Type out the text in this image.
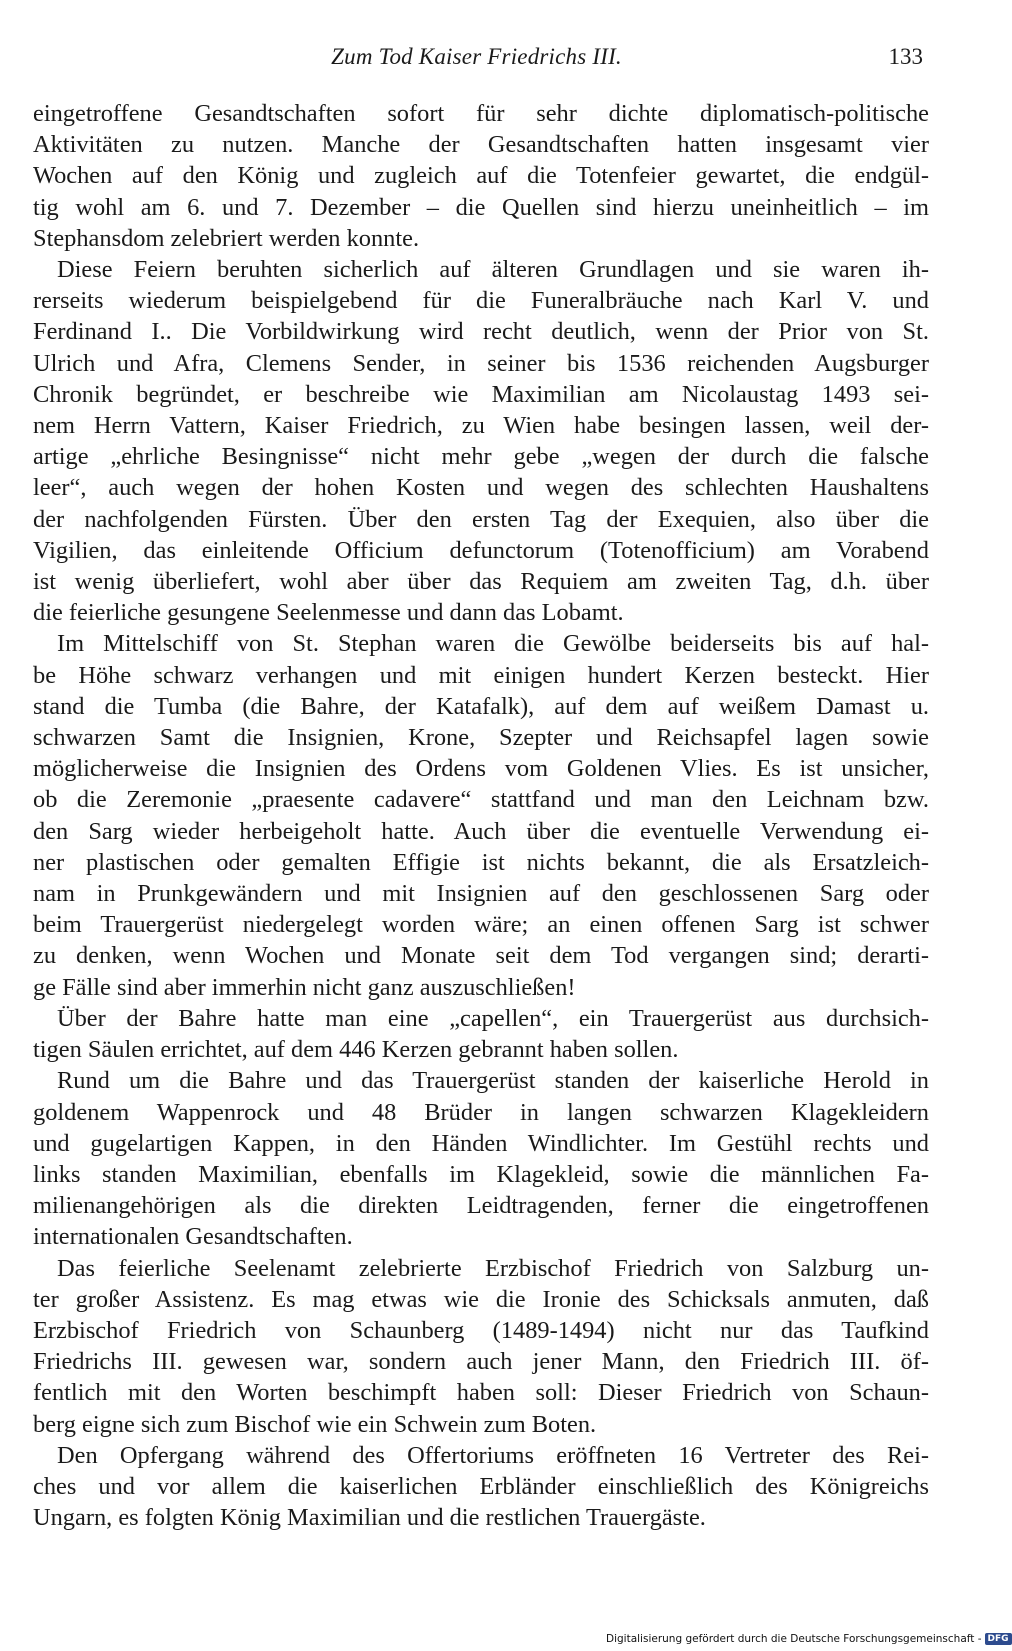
Zum Tod Kaiser Friedrichs III.	133

eingetroffene Gesandtschaften sofort für sehr dichte diplomatisch-politische
Aktivitäten zu nutzen. Manche der Gesandtschaften hatten insgesamt vier
Wochen auf den König und zugleich auf die Totenfeier gewartet, die endgül-
tig wohl am 6. und 7. Dezember – die Quellen sind hierzu uneinheitlich – im
Stephansdom zelebriert werden konnte.

Diese Feiern beruhten sicherlich auf älteren Grundlagen und sie waren ih-
rerseits wiederum beispielgebend für die Funeralbräuche nach Karl V. und
Ferdinand I.. Die Vorbildwirkung wird recht deutlich, wenn der Prior von St.
Ulrich und Afra, Clemens Sender, in seiner bis 1536 reichenden Augsburger
Chronik begründet, er beschreibe wie Maximilian am Nicolaustag 1493 sei-
nem Herrn Vattern, Kaiser Friedrich, zu Wien habe besingen lassen, weil der-
artige „ehrliche Besingnisse“ nicht mehr gebe „wegen der durch die falsche
leer“, auch wegen der hohen Kosten und wegen des schlechten Haushaltens
der nachfolgenden Fürsten. Über den ersten Tag der Exequien, also über die
Vigilien, das einleitende Officium defunctorum (Totenofficium) am Vorabend
ist wenig überliefert, wohl aber über das Requiem am zweiten Tag, d.h. über
die feierliche gesungene Seelenmesse und dann das Lobamt.

Im Mittelschiff von St. Stephan waren die Gewölbe beiderseits bis auf hal-
be Höhe schwarz verhangen und mit einigen hundert Kerzen besteckt. Hier
stand die Tumba (die Bahre, der Katafalk), auf dem auf weißem Damast u.
schwarzen Samt die Insignien, Krone, Szepter und Reichsapfel lagen sowie
möglicherweise die Insignien des Ordens vom Goldenen Vlies. Es ist unsicher,
ob die Zeremonie „praesente cadavere“ stattfand und man den Leichnam bzw.
den Sarg wieder herbeigeholt hatte. Auch über die eventuelle Verwendung ei-
ner plastischen oder gemalten Effigie ist nichts bekannt, die als Ersatzleich-
nam in Prunkgewändern und mit Insignien auf den geschlossenen Sarg oder
beim Trauergerüst niedergelegt worden wäre; an einen offenen Sarg ist schwer
zu denken, wenn Wochen und Monate seit dem Tod vergangen sind; derarti-
ge Fälle sind aber immerhin nicht ganz auszuschließen!

Über der Bahre hatte man eine „capellen“, ein Trauergerüst aus durchsich-
tigen Säulen errichtet, auf dem 446 Kerzen gebrannt haben sollen.

Rund um die Bahre und das Trauergerüst standen der kaiserliche Herold in
goldenem Wappenrock und 48 Brüder in langen schwarzen Klagekleidern
und gugelartigen Kappen, in den Händen Windlichter. Im Gestühl rechts und
links standen Maximilian, ebenfalls im Klagekleid, sowie die männlichen Fa-
milienangehörigen als die direkten Leidtragenden, ferner die eingetroffenen
internationalen Gesandtschaften.

Das feierliche Seelenamt zelebrierte Erzbischof Friedrich von Salzburg un-
ter großer Assistenz. Es mag etwas wie die Ironie des Schicksals anmuten, daß
Erzbischof Friedrich von Schaunberg (1489-1494) nicht nur das Taufkind
Friedrichs III. gewesen war, sondern auch jener Mann, den Friedrich III. öf-
fentlich mit den Worten beschimpft haben soll: Dieser Friedrich von Schaun-
berg eigne sich zum Bischof wie ein Schwein zum Boten.

Den Opfergang während des Offertoriums eröffneten 16 Vertreter des Rei-
ches und vor allem die kaiserlichen Erbländer einschließlich des Königreichs
Ungarn, es folgten König Maximilian und die restlichen Trauergäste.

Digitalisierung gefördert durch die Deutsche Forschungsgemeinschaft - DFG
